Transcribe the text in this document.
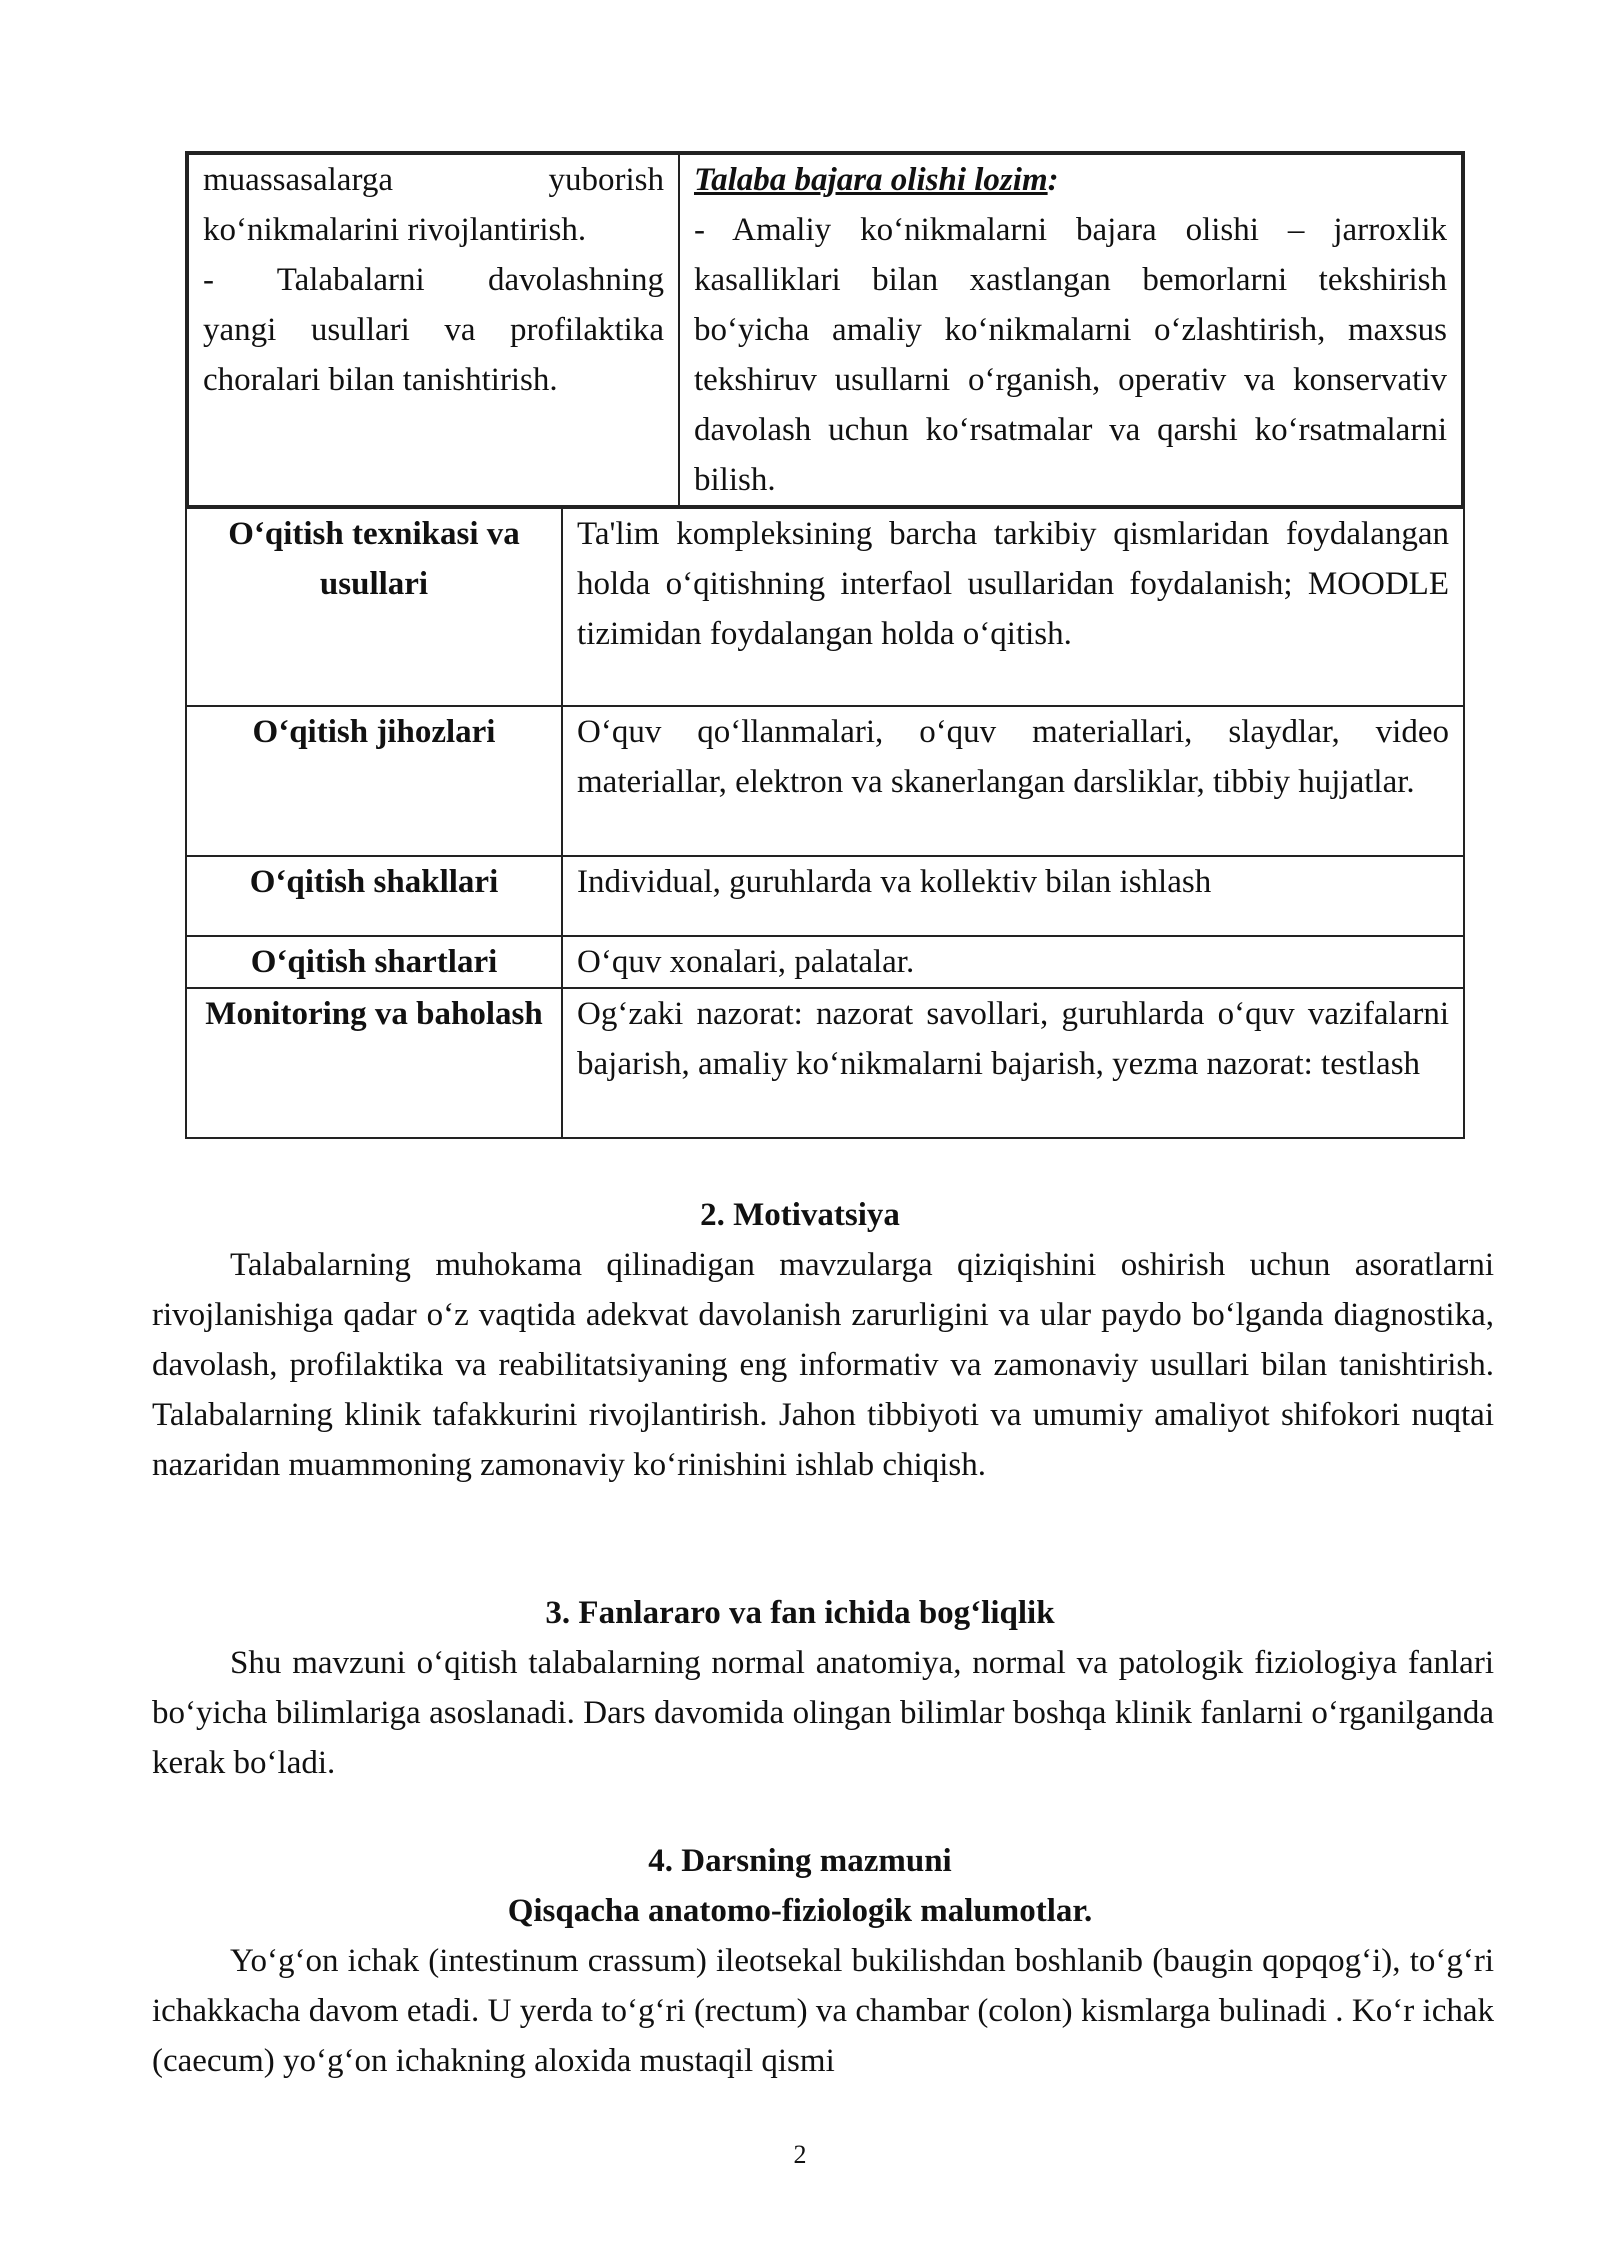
muassasalarga yuborish
ko‘nikmalarini rivojlantirish.
- Talabalarni davolashning
yangi usullari va profilaktika
choralari bilan tanishtirish.

Talaba bajara olishi lozim:
- Amaliy ko‘nikmalarni bajara olishi – jarroxlik kasalliklari bilan xastlangan bemorlarni tekshirish bo‘yicha amaliy ko‘nikmalarni o‘zlashtirish, maxsus tekshiruv usullarni o‘rganish, operativ va konservativ davolash uchun ko‘rsatmalar va qarshi ko‘rsatmalarni bilish.

O‘qitish texnikasi va usullari	Ta'lim kompleksining barcha tarkibiy qismlaridan foydalangan holda o‘qitishning interfaol usullaridan foydalanish; MOODLE tizimidan foydalangan holda o‘qitish.
O‘qitish jihozlari	O‘quv qo‘llanmalari, o‘quv materiallari, slaydlar, video materiallar, elektron va skanerlangan darsliklar, tibbiy hujjatlar.
O‘qitish shakllari	Individual, guruhlarda va kollektiv bilan ishlash
O‘qitish shartlari	O‘quv xonalari, palatalar.
Monitoring va baholash	Og‘zaki nazorat: nazorat savollari, guruhlarda o‘quv vazifalarni bajarish, amaliy ko‘nikmalarni bajarish, yezma nazorat: testlash
2. Motivatsiya

Talabalarning muhokama qilinadigan mavzularga qiziqishini oshirish uchun asoratlarni rivojlanishiga qadar o‘z vaqtida adekvat davolanish zarurligini va ular paydo bo‘lganda diagnostika, davolash, profilaktika va reabilitatsiyaning eng informativ va zamonaviy usullari bilan tanishtirish. Talabalarning klinik tafakkurini rivojlantirish. Jahon tibbiyoti va umumiy amaliyot shifokori nuqtai nazaridan muammoning zamonaviy ko‘rinishini ishlab chiqish.

3. Fanlararo va fan ichida bog‘liqlik

Shu mavzuni o‘qitish talabalarning normal anatomiya, normal va patologik fiziologiya fanlari bo‘yicha bilimlariga asoslanadi. Dars davomida olingan bilimlar boshqa klinik fanlarni o‘rganilganda kerak bo‘ladi.

4. Darsning mazmuni
Qisqacha anatomo-fiziologik malumotlar.

Yo‘g‘on ichak (intestinum crassum) ileotsekal bukilishdan boshlanib (baugin qopqog‘i), to‘g‘ri ichakkacha davom etadi. U yerda to‘g‘ri (rectum) va chambar (colon) kismlarga bulinadi . Ko‘r ichak (caecum) yo‘g‘on ichakning aloxida mustaqil qismi

2
